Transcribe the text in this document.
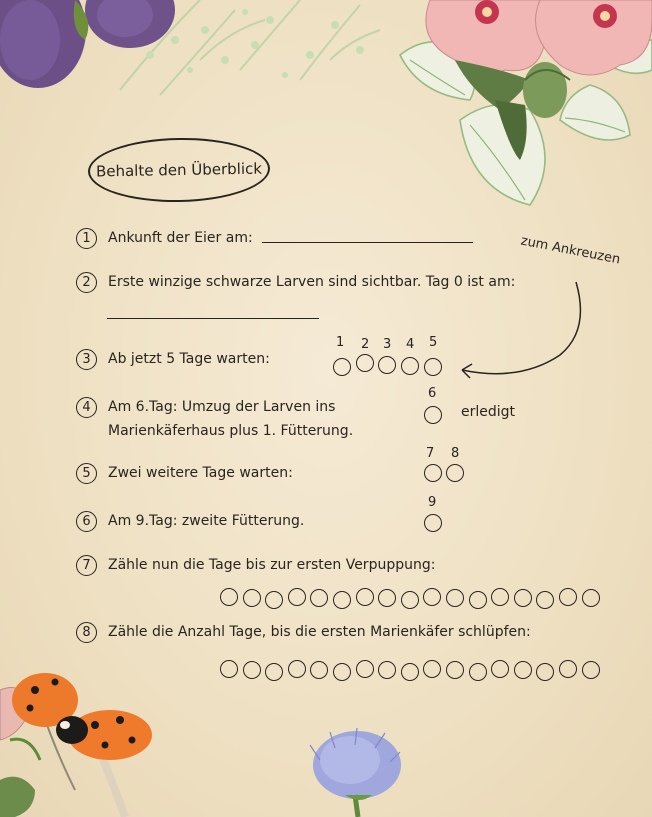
Behalte den Überblick
zum Ankreuzen
1	Ankunft der Eier am:
2	Erste winzige schwarze Larven sind sichtbar. Tag 0 ist am:
3	Ab jetzt 5 Tage warten:
1 2 3 4 5
4	Am 6.Tag: Umzug der Larven ins
Marienkäferhaus plus 1. Fütterung.
6
erledigt
5	Zwei weitere Tage warten:
7 8
6	Am 9.Tag: zweite Fütterung.
9
7	Zähle nun die Tage bis zur ersten Verpuppung:
8	Zähle die Anzahl Tage, bis die ersten Marienkäfer schlüpfen:
